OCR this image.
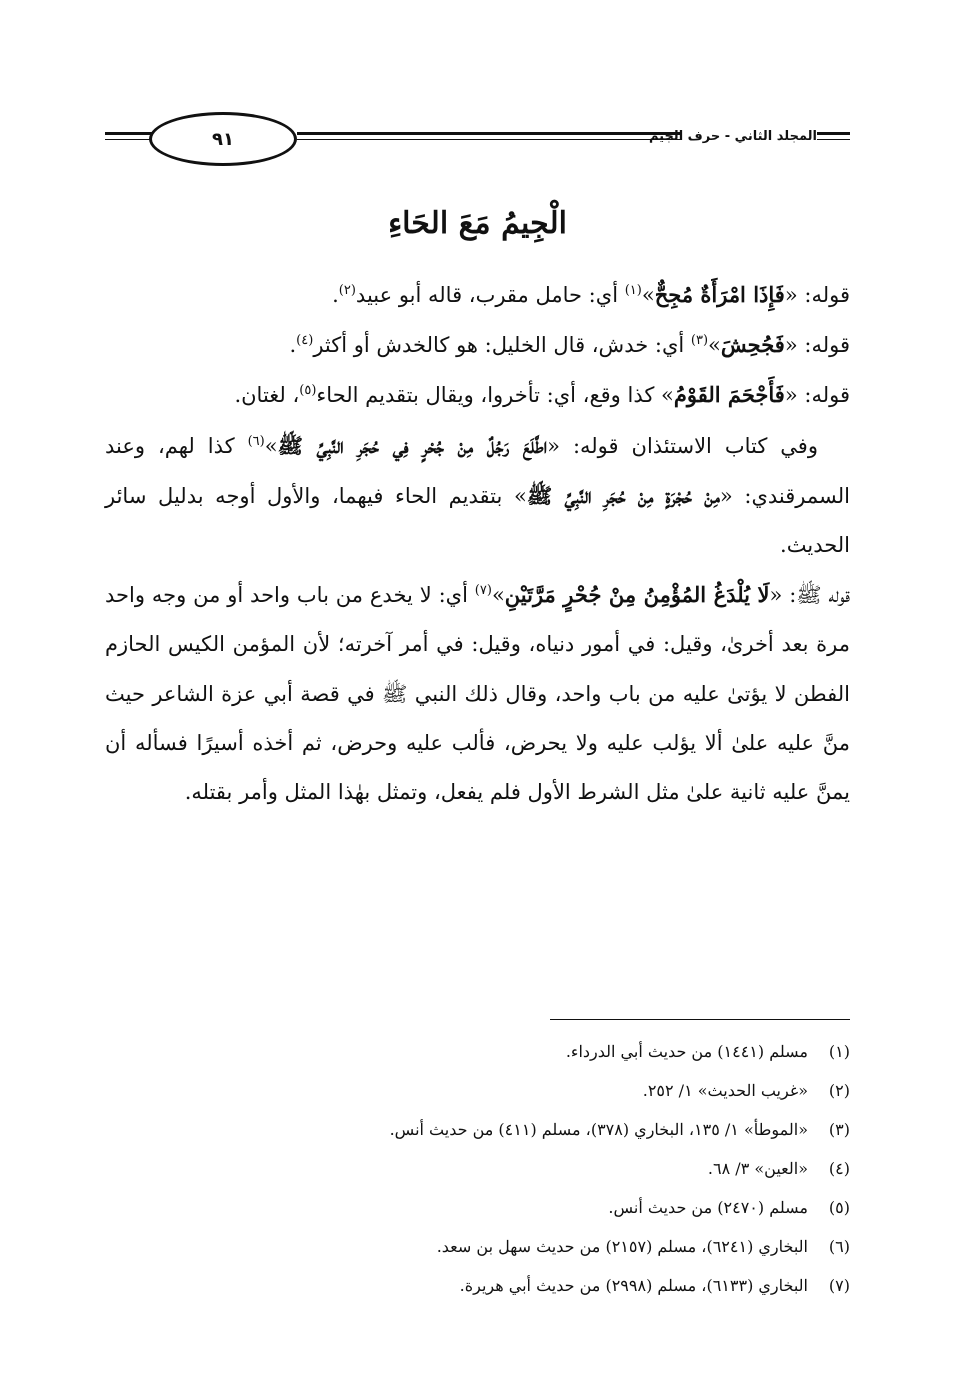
٩١	المجلد الثاني - حرف الجيم
الْجِيمُ مَعَ الحَاءِ

قوله: «فَإِذَا امْرَأَةٌ مُجِحٌّ»$^{(١)}$ أي: حامل مقرب، قاله أبو عبيد$^{(٢)}$.

قوله: «فَجُحِشَ»$^{(٣)}$ أي: خدش، قال الخليل: هو كالخدش أو أكثر$^{(٤)}$.

قوله: «فَأَجْحَمَ القَوْمُ» كذا وقع، أي: تأخروا، ويقال بتقديم الحاء$^{(٥)}$، لغتان.

وفي كتاب الاستئذان قوله: «اطَّلَعَ رَجُلٌ مِنْ جُحْرٍ فِي حُجَرِ النَّبِيِّ ﷺ»$^{(٦)}$ كذا لهم، وعند السمرقندي: «مِنْ حُجْرَةٍ مِنْ حُجَرِ النَّبِيِّ ﷺ» بتقديم الحاء فيهما، والأول أوجه بدليل سائر الحديث.

قوله ﷺ: «لَا يُلْدَغُ المُؤْمِنُ مِنْ جُحْرٍ مَرَّتَيْنِ»$^{(٧)}$ أي: لا يخدع من باب واحد أو من وجه واحد مرة بعد أخرىٰ، وقيل: في أمور دنياه، وقيل: في أمر آخرته؛ لأن المؤمن الكيس الحازم الفطن لا يؤتىٰ عليه من باب واحد، وقال ذلك النبي ﷺ في قصة أبي عزة الشاعر حيث منَّ عليه علىٰ ألا يؤلب عليه ولا يحرض، فألب عليه وحرض، ثم أخذه أسيرًا فسأله أن يمنَّ عليه ثانية علىٰ مثل الشرط الأول فلم يفعل، وتمثل بهٰذا المثل وأمر بقتله.

(١)
مسلم (١٤٤١) من حديث أبي الدرداء.
(٢)
«غريب الحديث» ١/ ٢٥٢.
(٣)
«الموطأ» ١/ ١٣٥، البخاري (٣٧٨)، مسلم (٤١١) من حديث أنس.
(٤)
«العين» ٣/ ٦٨.
(٥)
مسلم (٢٤٧٠) من حديث أنس.
(٦)
البخاري (٦٢٤١)، مسلم (٢١٥٧) من حديث سهل بن سعد.
(٧)
البخاري (٦١٣٣)، مسلم (٢٩٩٨) من حديث أبي هريرة.
